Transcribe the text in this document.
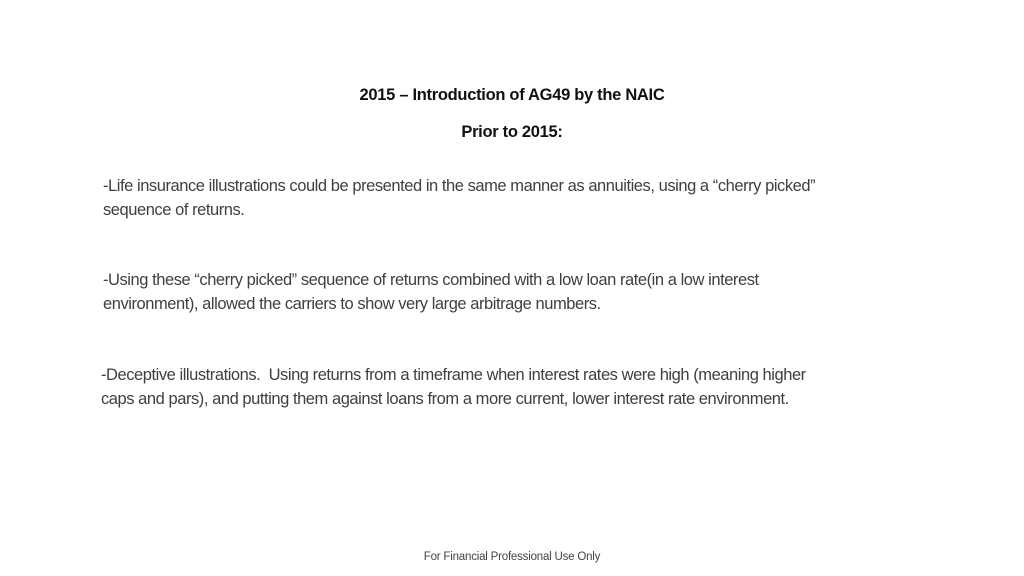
2015 – Introduction of AG49 by the NAIC
Prior to 2015:
-Life insurance illustrations could be presented in the same manner as annuities, using a “cherry picked”
sequence of returns.
-Using these “cherry picked” sequence of returns combined with a low loan rate(in a low interest
environment), allowed the carriers to show very large arbitrage numbers.
-Deceptive illustrations.  Using returns from a timeframe when interest rates were high (meaning higher
caps and pars), and putting them against loans from a more current, lower interest rate environment.
For Financial Professional Use Only
